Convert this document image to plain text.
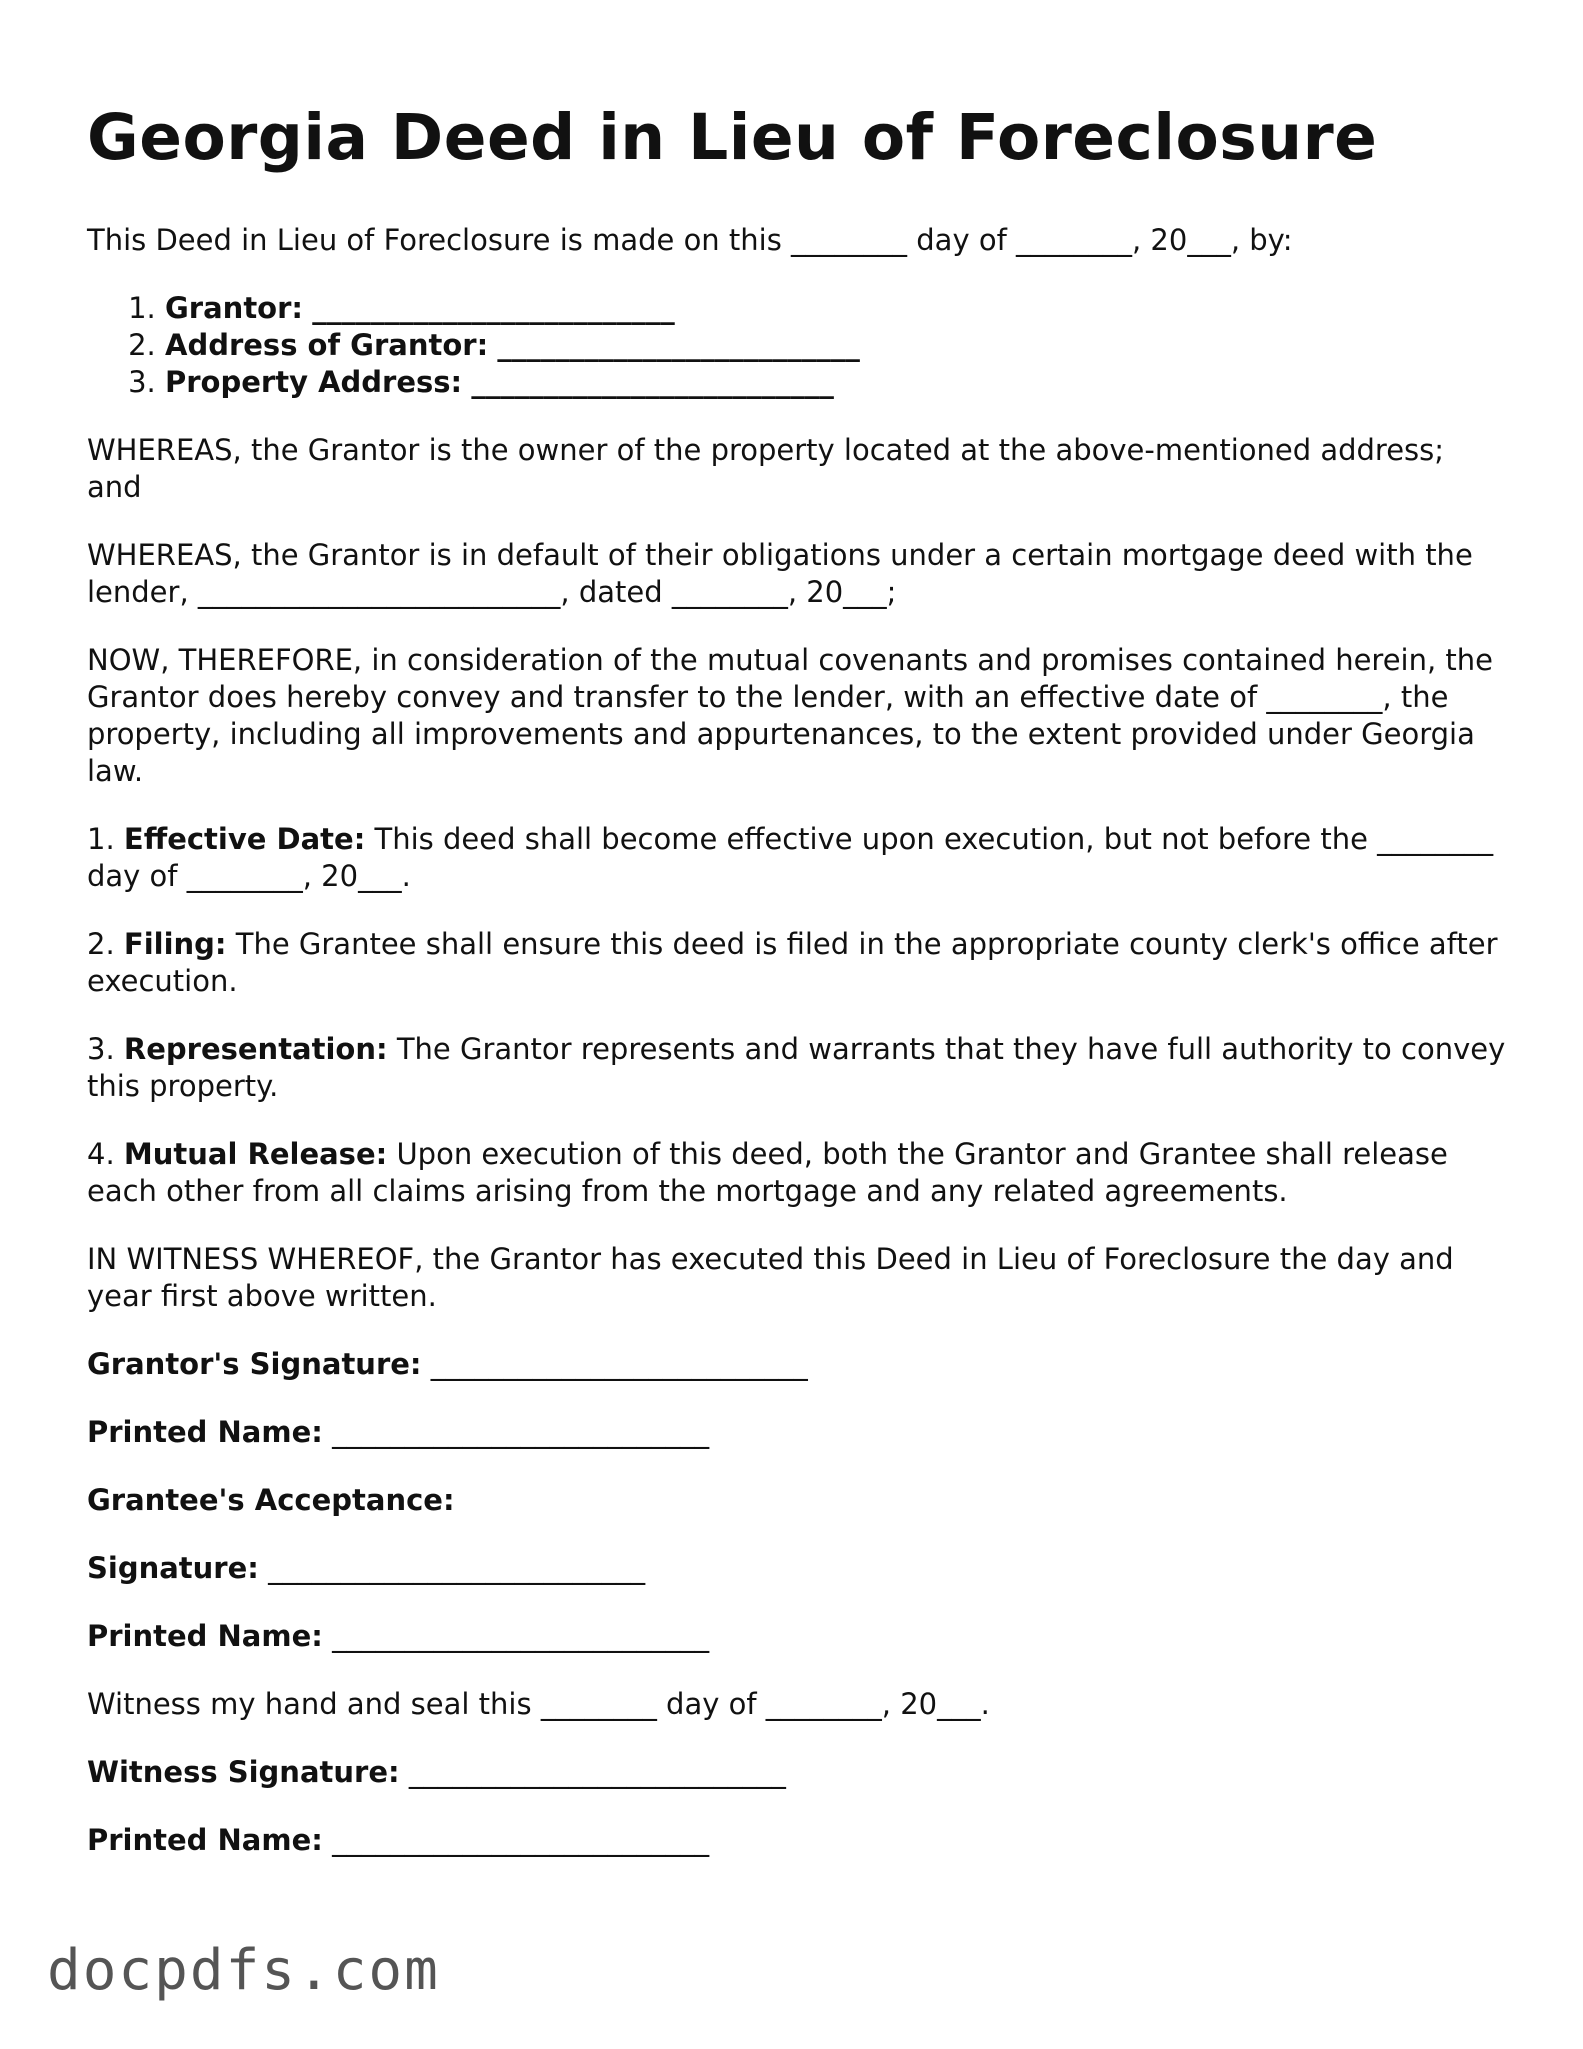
Georgia Deed in Lieu of Foreclosure

This Deed in Lieu of Foreclosure is made on this ________ day of ________, 20___, by:

1. Grantor: _________________________
2. Address of Grantor: _________________________
3. Property Address: _________________________

WHEREAS, the Grantor is the owner of the property located at the above-mentioned address; and

WHEREAS, the Grantor is in default of their obligations under a certain mortgage deed with the lender, _________________________, dated ________, 20___;

NOW, THEREFORE, in consideration of the mutual covenants and promises contained herein, the Grantor does hereby convey and transfer to the lender, with an effective date of ________, the property, including all improvements and appurtenances, to the extent provided under Georgia law.

1. Effective Date: This deed shall become effective upon execution, but not before the ________ day of ________, 20___.

2. Filing: The Grantee shall ensure this deed is filed in the appropriate county clerk's office after execution.

3. Representation: The Grantor represents and warrants that they have full authority to convey this property.

4. Mutual Release: Upon execution of this deed, both the Grantor and Grantee shall release each other from all claims arising from the mortgage and any related agreements.

IN WITNESS WHEREOF, the Grantor has executed this Deed in Lieu of Foreclosure the day and year first above written.

Grantor's Signature: __________________________
Printed Name: __________________________
Grantee's Acceptance:
Signature: __________________________
Printed Name: __________________________
Witness my hand and seal this ________ day of ________, 20___.
Witness Signature: __________________________
Printed Name: __________________________
docpdfs.com
